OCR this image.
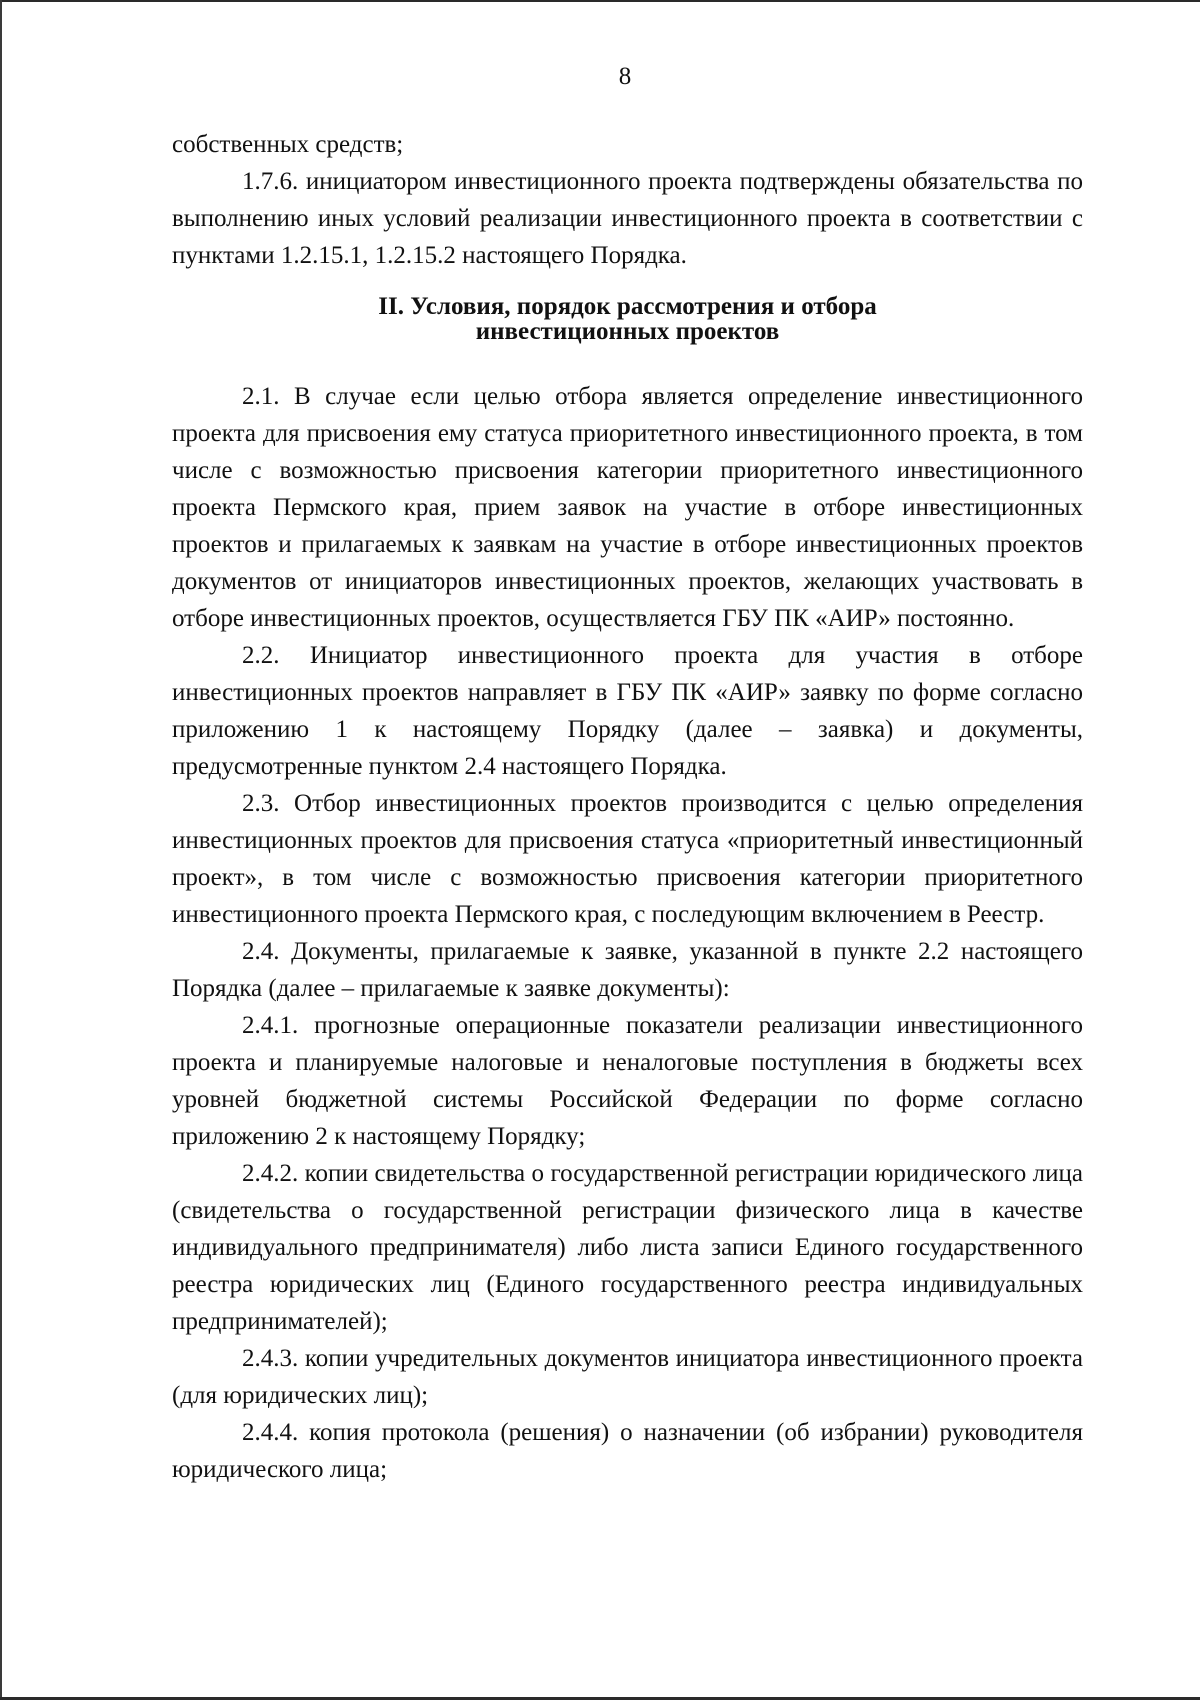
8

собственных средств;

1.7.6. инициатором инвестиционного проекта подтверждены обязательства по выполнению иных условий реализации инвестиционного проекта в соответствии с пунктами 1.2.15.1, 1.2.15.2 настоящего Порядка.

II. Условия, порядок рассмотрения и отбора
инвестиционных проектов

2.1. В случае если целью отбора является определение инвестиционного проекта для присвоения ему статуса приоритетного инвестиционного проекта, в том числе с возможностью присвоения категории приоритетного инвестиционного проекта Пермского края, прием заявок на участие в отборе инвестиционных проектов и прилагаемых к заявкам на участие в отборе инвестиционных проектов документов от инициаторов инвестиционных проектов, желающих участвовать в отборе инвестиционных проектов, осуществляется ГБУ ПК «АИР» постоянно.

2.2. Инициатор инвестиционного проекта для участия в отборе инвестиционных проектов направляет в ГБУ ПК «АИР» заявку по форме согласно приложению 1 к настоящему Порядку (далее – заявка) и документы, предусмотренные пунктом 2.4 настоящего Порядка.

2.3. Отбор инвестиционных проектов производится с целью определения инвестиционных проектов для присвоения статуса «приоритетный инвестиционный проект», в том числе с возможностью присвоения категории приоритетного инвестиционного проекта Пермского края, с последующим включением в Реестр.

2.4. Документы, прилагаемые к заявке, указанной в пункте 2.2 настоящего Порядка (далее – прилагаемые к заявке документы):

2.4.1. прогнозные операционные показатели реализации инвестиционного проекта и планируемые налоговые и неналоговые поступления в бюджеты всех уровней бюджетной системы Российской Федерации по форме согласно приложению 2 к настоящему Порядку;

2.4.2. копии свидетельства о государственной регистрации юридического лица (свидетельства о государственной регистрации физического лица в качестве индивидуального предпринимателя) либо листа записи Единого государственного реестра юридических лиц (Единого государственного реестра индивидуальных предпринимателей);

2.4.3. копии учредительных документов инициатора инвестиционного проекта (для юридических лиц);

2.4.4. копия протокола (решения) о назначении (об избрании) руководителя юридического лица;
